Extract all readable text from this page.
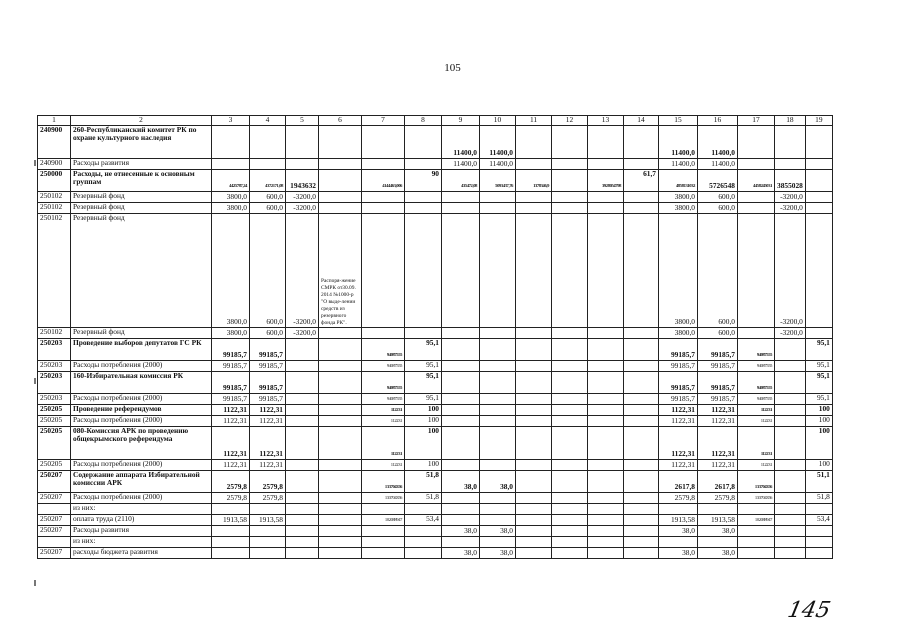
105
1	2	3	4	5	6	7	8	9	10	11	12	13	14	15	16	17	18	19
240900	260-Республиканский комитет РК по охране культурного наследия							11400,0	11400,0					11400,0	11400,0			
240900	Расходы развития							11400,0	11400,0					11400,0	11400,0			
250000	Расходы, не отнесенные к основным группам	4425787,24	4372171,08	1943632		4144463,006	90	435472,08	5093437,76	1378346,9		3928054798	61,7	4858131032	5726548	4458245031	3855028	
250102	Резервный фонд	3800,0	600,0	-3200,0										3800,0	600,0		-3200,0	
250102	Резервный фонд	3800,0	600,0	-3200,0										3800,0	600,0		-3200,0	
250102	Резервный фонд	3800,0	600,0	-3200,0	Распоря-жение СМРК от30.09. 2014 №1000-р "О выде-лении средств из резервного фонда РК".									3800,0	600,0		-3200,0	
250102	Резервный фонд	3800,0	600,0	-3200,0										3800,0	600,0		-3200,0	
250203	Проведение выборов депутатов ГС РК	99185,7	99185,7			94087555	95,1							99185,7	99185,7	94087555		95,1
250203	Расходы потребления (2000)	99185,7	99185,7			94087555	95,1							99185,7	99185,7	94087555		95,1
250203	160-Избирательная комиссия РК	99185,7	99185,7			94087555	95,1							99185,7	99185,7	94087555		95,1
250203	Расходы потребления (2000)	99185,7	99185,7			94087555	95,1							99185,7	99185,7	94087555		95,1
250205	Проведение референдумов	1122,31	1122,31			112231	100							1122,31	1122,31	112231		100
250205	Расходы потребления (2000)	1122,31	1122,31			112231	100							1122,31	1122,31	112231		100
250205	080-Комиссия АРК по проведению общекрымского референдума	1122,31	1122,31			112231	100							1122,31	1122,31	112231		100
250205	Расходы потребления (2000)	1122,31	1122,31			112231	100							1122,31	1122,31	112231		100
250207	Содержание аппарата Избирательной комиссии АРК	2579,8	2579,8			133704356	51,8	38,0	38,0					2617,8	2617,8	133704356		51,1
250207	Расходы потребления (2000)	2579,8	2579,8			133704356	51,8							2579,8	2579,8	133704356		51,8
	из них:																	
250207	оплата труда (2110)	1913,58	1913,58			102088947	53,4							1913,58	1913,58	102088947		53,4
250207	Расходы развития							38,0	38,0					38,0	38,0			
	из них:																	
250207	расходы бюджета развития							38,0	38,0					38,0	38,0			
145
